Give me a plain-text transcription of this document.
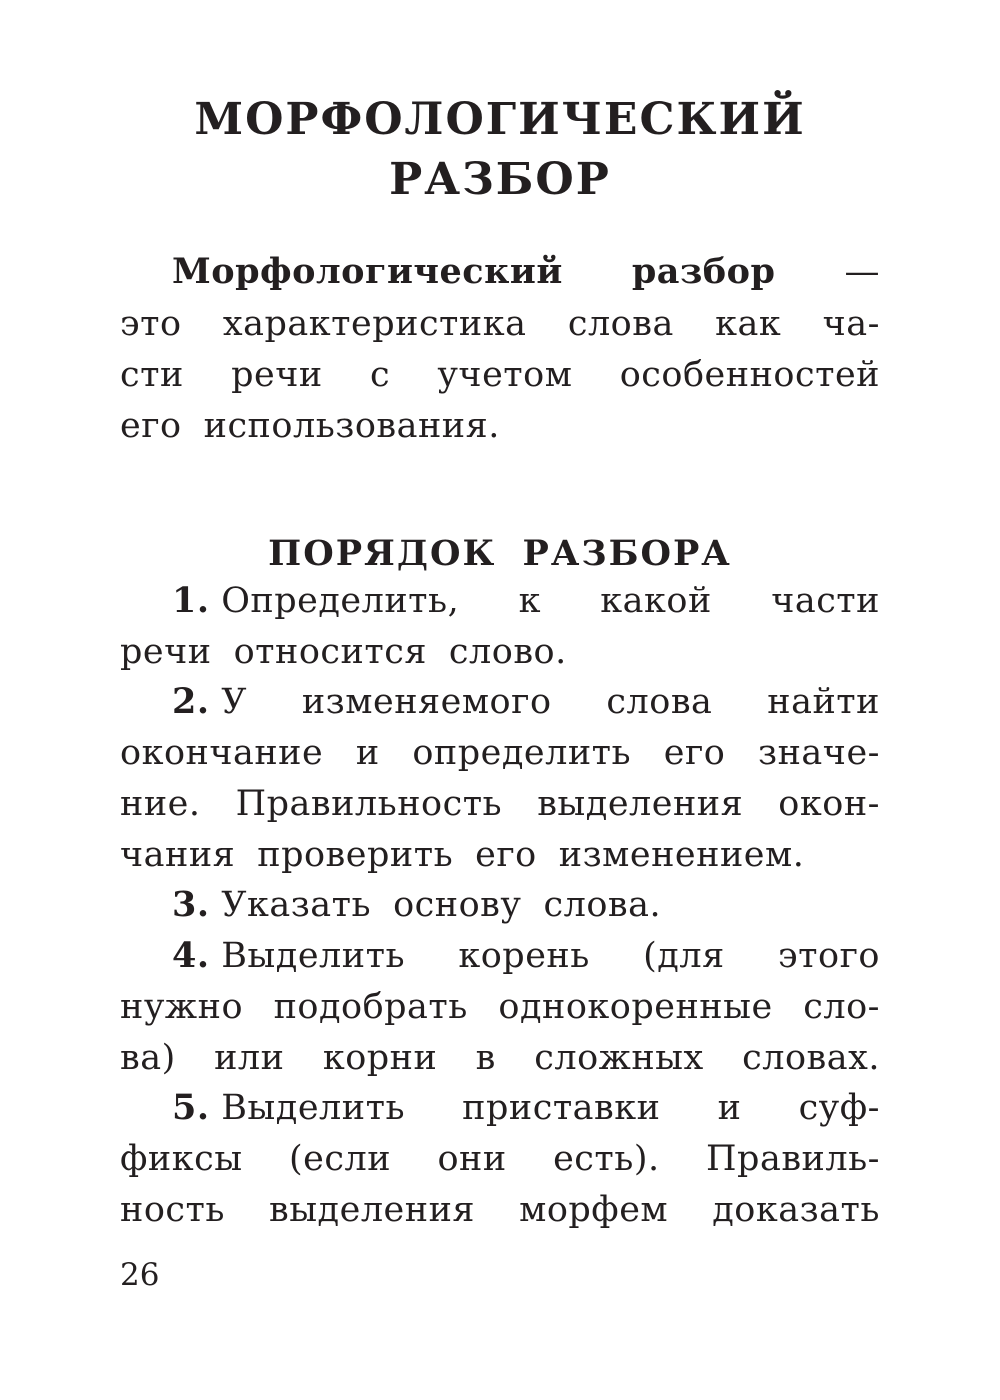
МОРФОЛОГИЧЕСКИЙ
РАЗБОР
Морфологический разбор —
это характеристика слова как ча-
сти речи с учетом особенностей
его использования.
ПОРЯДОК РАЗБОРА
1. Определить, к какой части
речи относится слово.
2. У изменяемого слова найти
окончание и определить его значе-
ние. Правильность выделения окон-
чания проверить его изменением.
3. Указать основу слова.
4. Выделить корень (для этого
нужно подобрать однокоренные сло-
ва) или корни в сложных словах.
5. Выделить приставки и суф-
фиксы (если они есть). Правиль-
ность выделения морфем доказать
26
